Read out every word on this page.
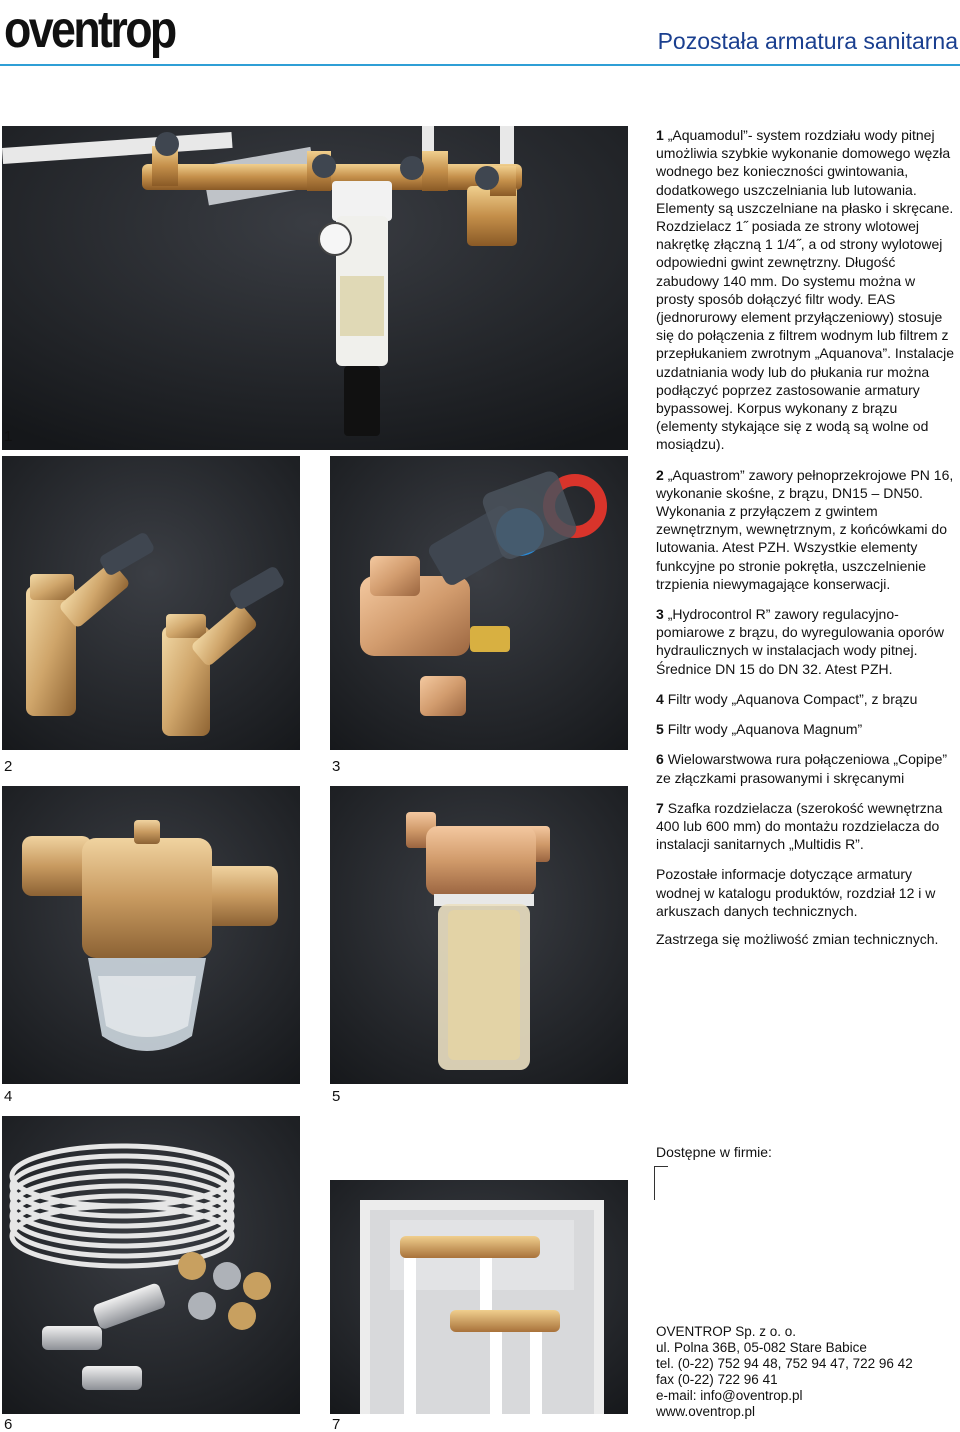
oventrop	Pozostała armatura sanitarna
1
2	3
4	5
6	7

1 „Aquamodul”- system rozdziału wody pitnej umożliwia szybkie wykonanie domowego węzła wodnego bez konieczności gwintowania, dodatkowego uszczelniania lub lutowania. Elementy są uszczelniane na płasko i skręcane. Rozdzielacz 1˝ posiada ze strony wlotowej nakrętkę złączną 1 1/4˝, a od strony wylotowej odpowiedni gwint zewnętrzny. Długość zabudowy 140 mm. Do systemu można w prosty sposób dołączyć filtr wody. EAS (jednorurowy element przyłączeniowy) stosuje się do połączenia z filtrem wodnym lub filtrem z przepłukaniem zwrotnym „Aquanova”. Instalacje uzdatniania wody lub do płukania rur można podłączyć poprzez zastosowanie armatury bypassowej. Korpus wykonany z brązu (elementy stykające się z wodą są wolne od mosiądzu).

2 „Aquastrom” zawory pełnoprzekrojowe PN 16, wykonanie skośne, z brązu, DN15 – DN50. Wykonania z przyłączem z gwintem zewnętrznym, wewnętrznym, z końcówkami do lutowania. Atest PZH. Wszystkie elementy funkcyjne po stronie pokrętła, uszczelnienie trzpienia niewymagające konserwacji.

3 „Hydrocontrol R” zawory regulacyjno-pomiarowe z brązu, do wyregulowania oporów hydraulicznych w instalacjach wody pitnej. Średnice DN 15 do DN 32. Atest PZH.

4 Filtr wody „Aquanova Compact”, z brązu

5 Filtr wody „Aquanova Magnum”

6 Wielowarstwowa rura połączeniowa „Copipe” ze złączkami prasowanymi i skręcanymi

7 Szafka rozdzielacza (szerokość wewnętrzna 400 lub 600 mm) do montażu rozdzielacza do instalacji sanitarnych „Multidis R”.

Pozostałe informacje dotyczące armatury wodnej w katalogu produktów, rozdział 12 i w arkuszach danych technicznych.

Zastrzega się możliwość zmian technicznych.
Dostępne w firmie:
OVENTROP Sp. z o. o.
ul. Polna 36B, 05-082 Stare Babice
tel. (0-22) 752 94 48, 752 94 47, 722 96 42
fax (0-22) 722 96 41
e-mail: info@oventrop.pl
www.oventrop.pl
